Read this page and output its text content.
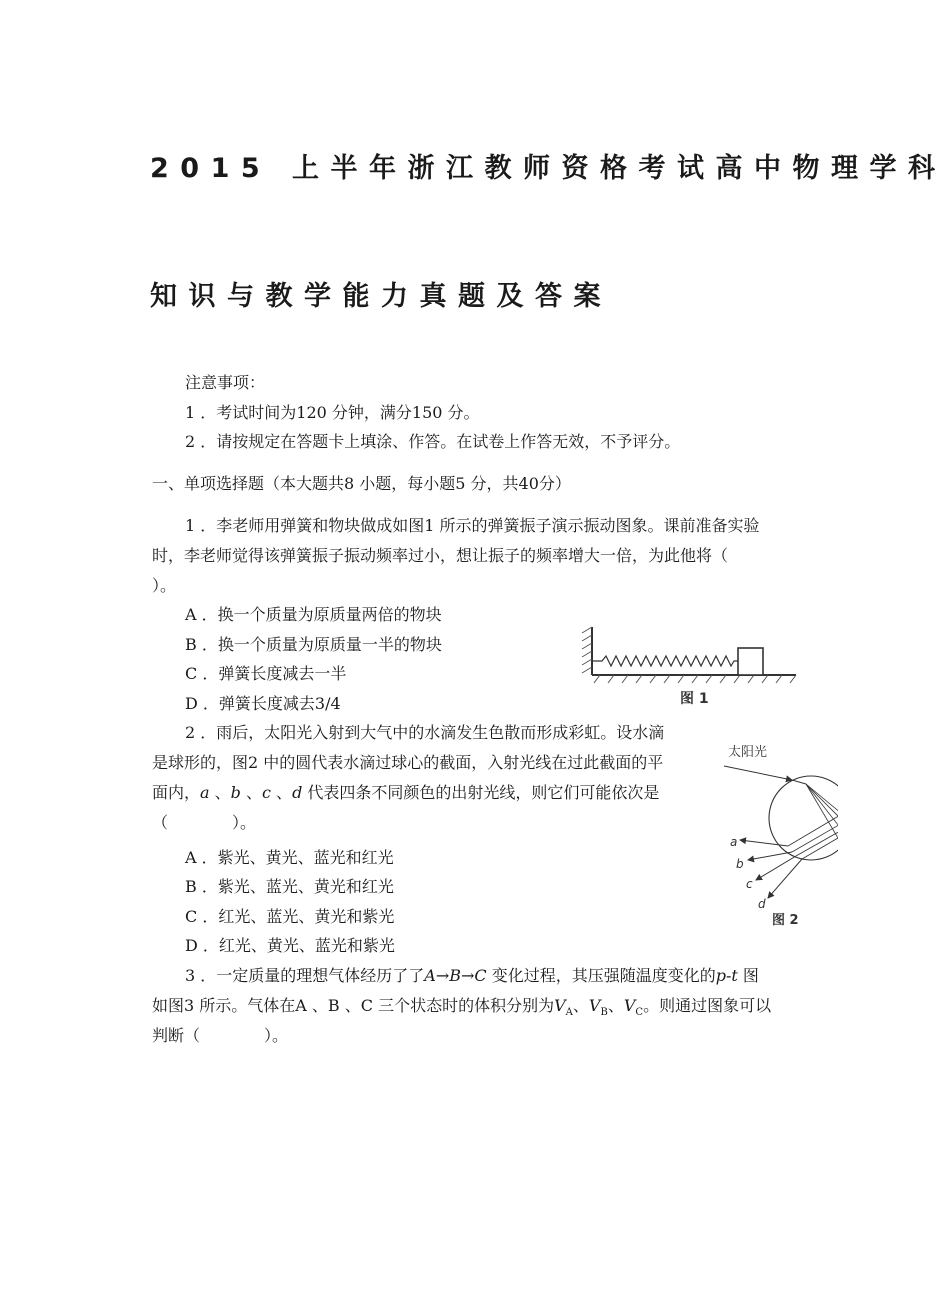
2015 上半年浙江教师资格考试高中物理学科
知识与教学能力真题及答案
注意事项：
1 ．考试时间为120 分钟，满分150 分。
2 ．请按规定在答题卡上填涂、作答。在试卷上作答无效，不予评分。
一、单项选择题（本大题共8 小题，每小题5 分，共40分）
1 ．李老师用弹簧和物块做成如图1 所示的弹簧振子演示振动图象。课前准备实验
时，李老师觉得该弹簧振子振动频率过小，想让振子的频率增大一倍，为此他将（
）。
A ．换一个质量为原质量两倍的物块
B ．换一个质量为原质量一半的物块
C ．弹簧长度减去一半
D ．弹簧长度减去3/4	图 1
2 ．雨后，太阳光入射到大气中的水滴发生色散而形成彩虹。设水滴
是球形的，图2 中的圆代表水滴过球心的截面，入射光线在过此截面的平
面内，a 、b 、c 、d 代表四条不同颜色的出射光线，则它们可能依次是
（　　　　）。
A ．紫光、黄光、蓝光和红光
B ．紫光、蓝光、黄光和红光
C ．红光、蓝光、黄光和紫光
D ．红光、黄光、蓝光和紫光
太阳光
a
b
c
d
图 2
3 ．一定质量的理想气体经历了了A→B→C 变化过程，其压强随温度变化的p-t 图
如图3 所示。气体在A 、B 、C 三个状态时的体积分别为$V_A$、$V_B$、$V_C$。则通过图象可以
判断（　　　　）。
